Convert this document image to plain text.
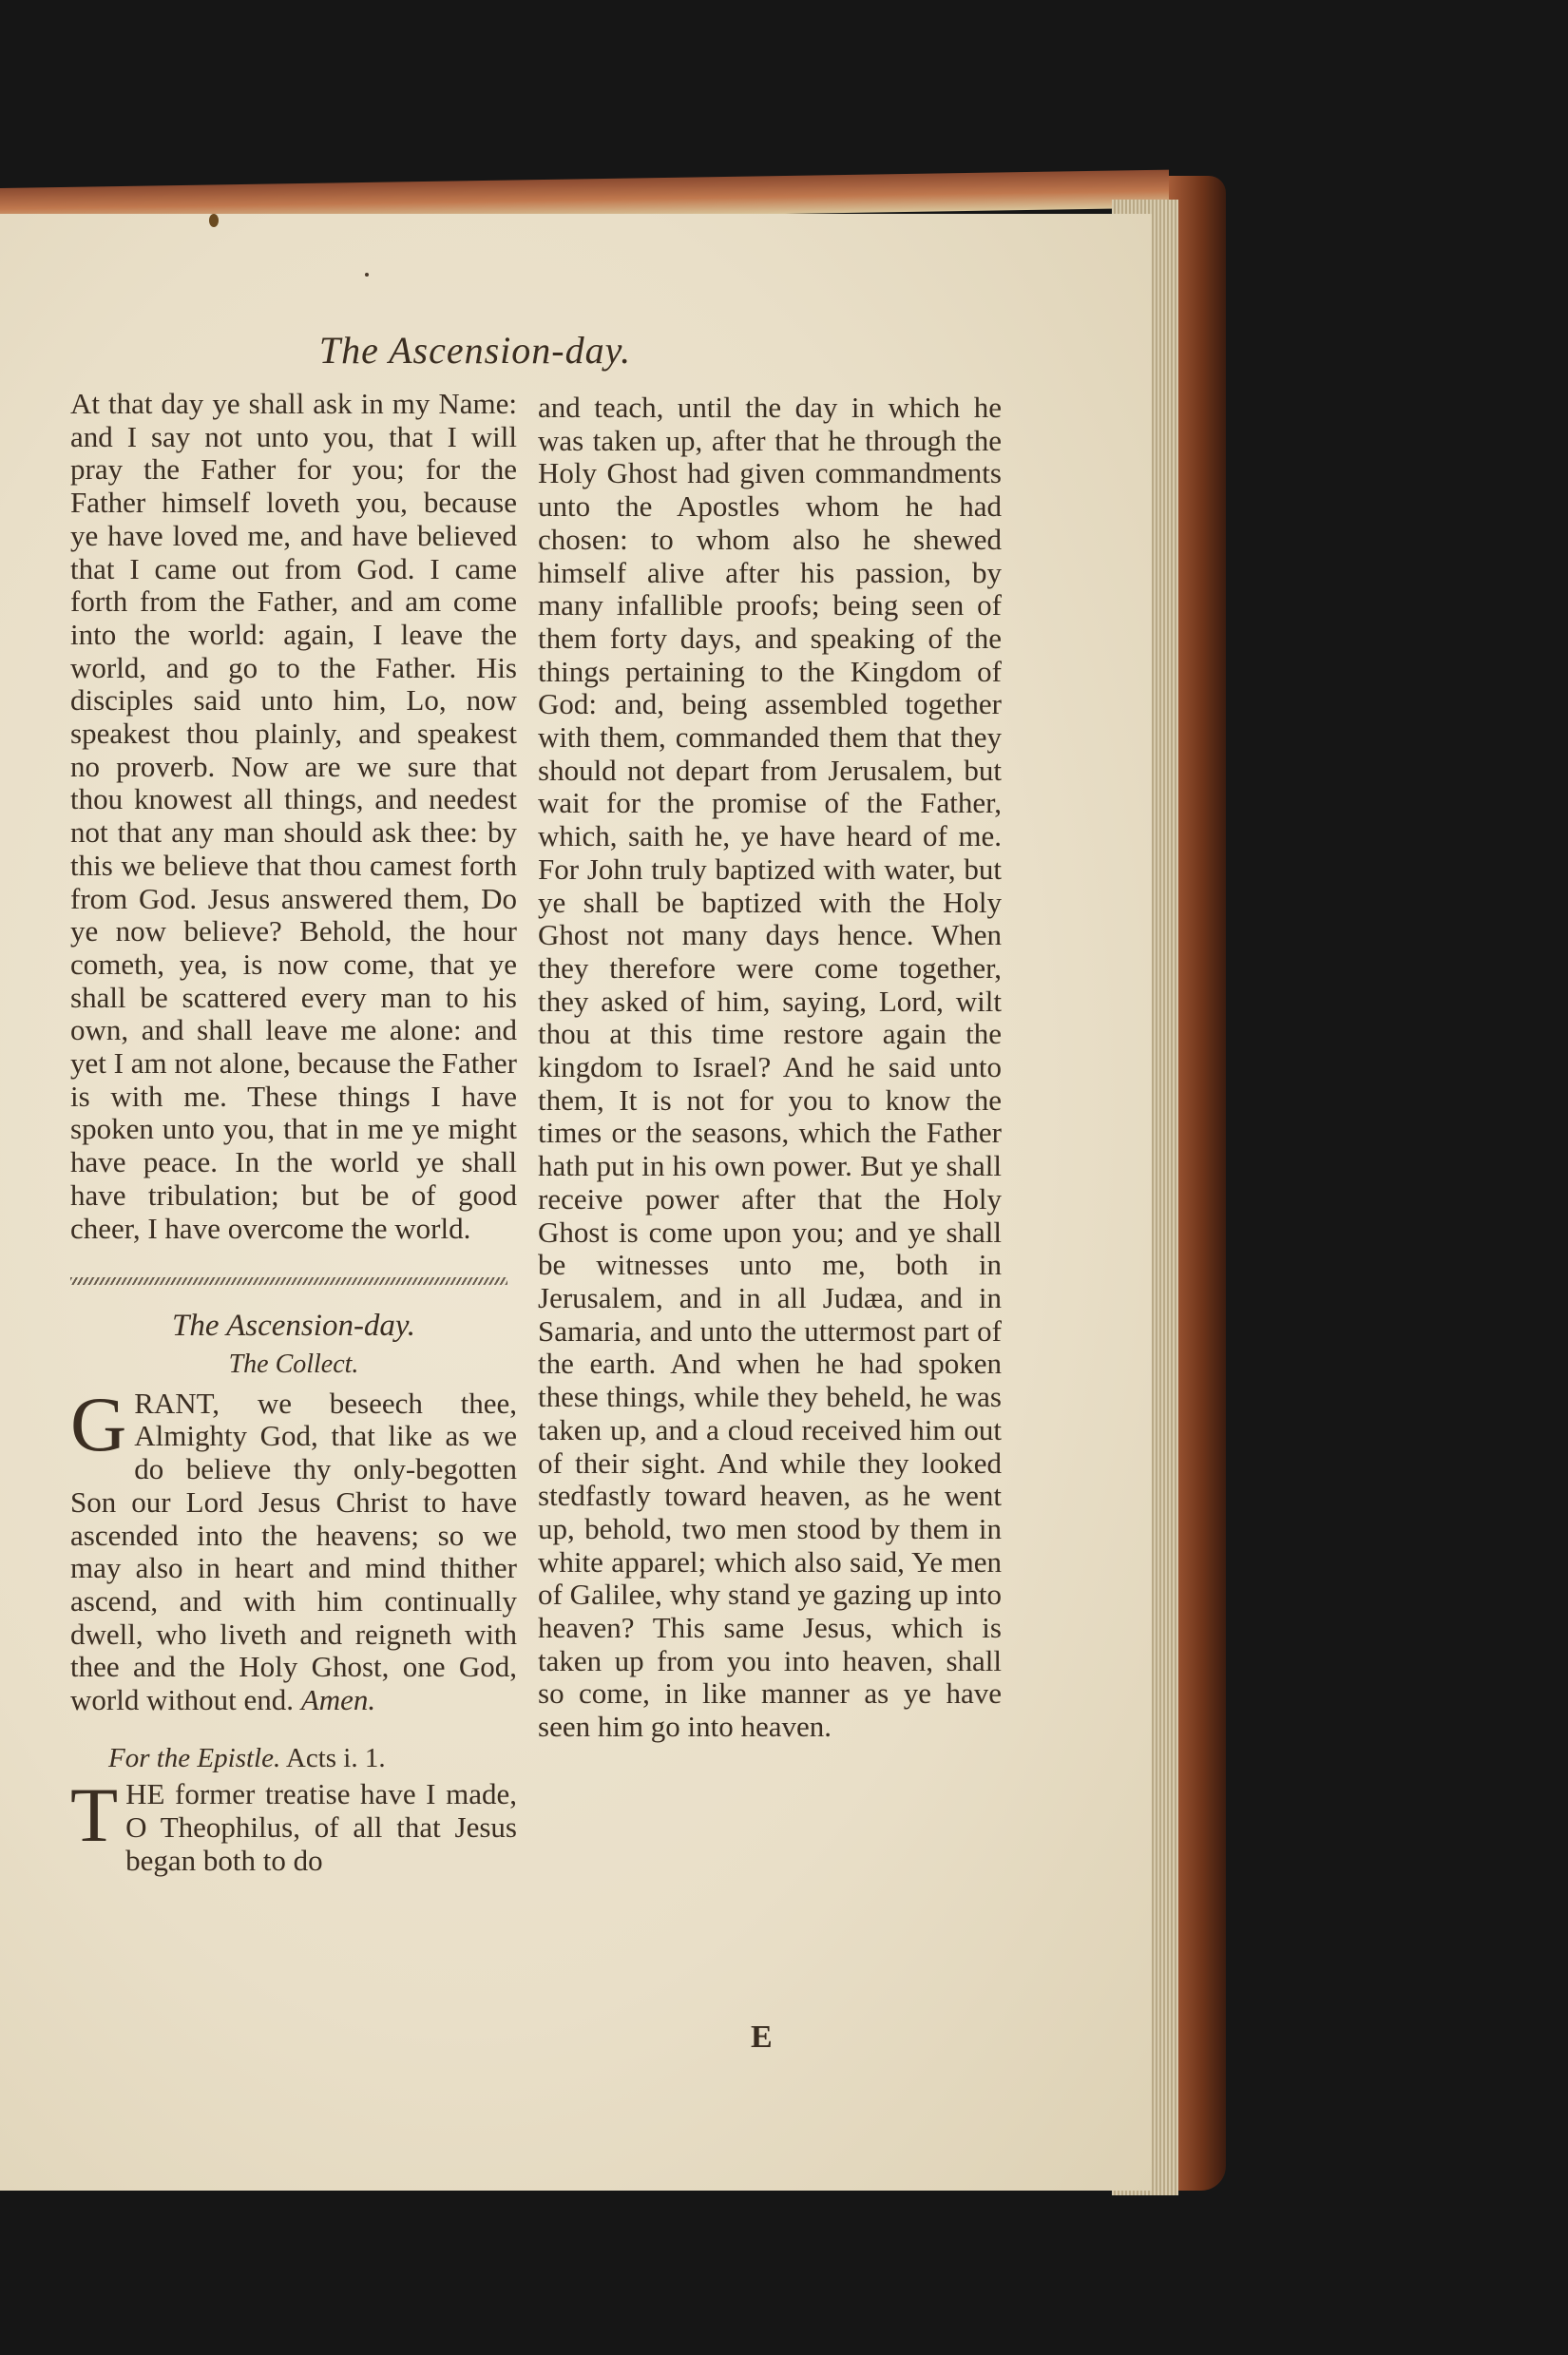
The Ascension-day.

At that day ye shall ask in my Name: and I say not unto you, that I will pray the Father for you; for the Father himself loveth you, because ye have loved me, and have believed that I came out from God. I came forth from the Father, and am come into the world: again, I leave the world, and go to the Father. His disciples said unto him, Lo, now speakest thou plainly, and speakest no proverb. Now are we sure that thou knowest all things, and needest not that any man should ask thee: by this we believe that thou camest forth from God. Jesus answered them, Do ye now believe? Behold, the hour cometh, yea, is now come, that ye shall be scattered every man to his own, and shall leave me alone: and yet I am not alone, because the Father is with me. These things I have spoken unto you, that in me ye might have peace. In the world ye shall have tribulation; but be of good cheer, I have overcome the world.

The Ascension-day.
The Collect.

GRANT, we beseech thee, Almighty God, that like as we do believe thy only-begotten Son our Lord Jesus Christ to have ascended into the heavens; so we may also in heart and mind thither ascend, and with him continually dwell, who liveth and reigneth with thee and the Holy Ghost, one God, world without end. Amen.

For the Epistle. Acts i. 1.

THE former treatise have I made, O Theophilus, of all that Jesus began both to do

and teach, until the day in which he was taken up, after that he through the Holy Ghost had given commandments unto the Apostles whom he had chosen: to whom also he shewed himself alive after his passion, by many infallible proofs; being seen of them forty days, and speaking of the things pertaining to the Kingdom of God: and, being assembled together with them, commanded them that they should not depart from Jerusalem, but wait for the promise of the Father, which, saith he, ye have heard of me. For John truly baptized with water, but ye shall be baptized with the Holy Ghost not many days hence. When they therefore were come together, they asked of him, saying, Lord, wilt thou at this time restore again the kingdom to Israel? And he said unto them, It is not for you to know the times or the seasons, which the Father hath put in his own power. But ye shall receive power after that the Holy Ghost is come upon you; and ye shall be witnesses unto me, both in Jerusalem, and in all Judæa, and in Samaria, and unto the uttermost part of the earth. And when he had spoken these things, while they beheld, he was taken up, and a cloud received him out of their sight. And while they looked stedfastly toward heaven, as he went up, behold, two men stood by them in white apparel; which also said, Ye men of Galilee, why stand ye gazing up into heaven? This same Jesus, which is taken up from you into heaven, shall so come, in like manner as ye have seen him go into heaven.

E
